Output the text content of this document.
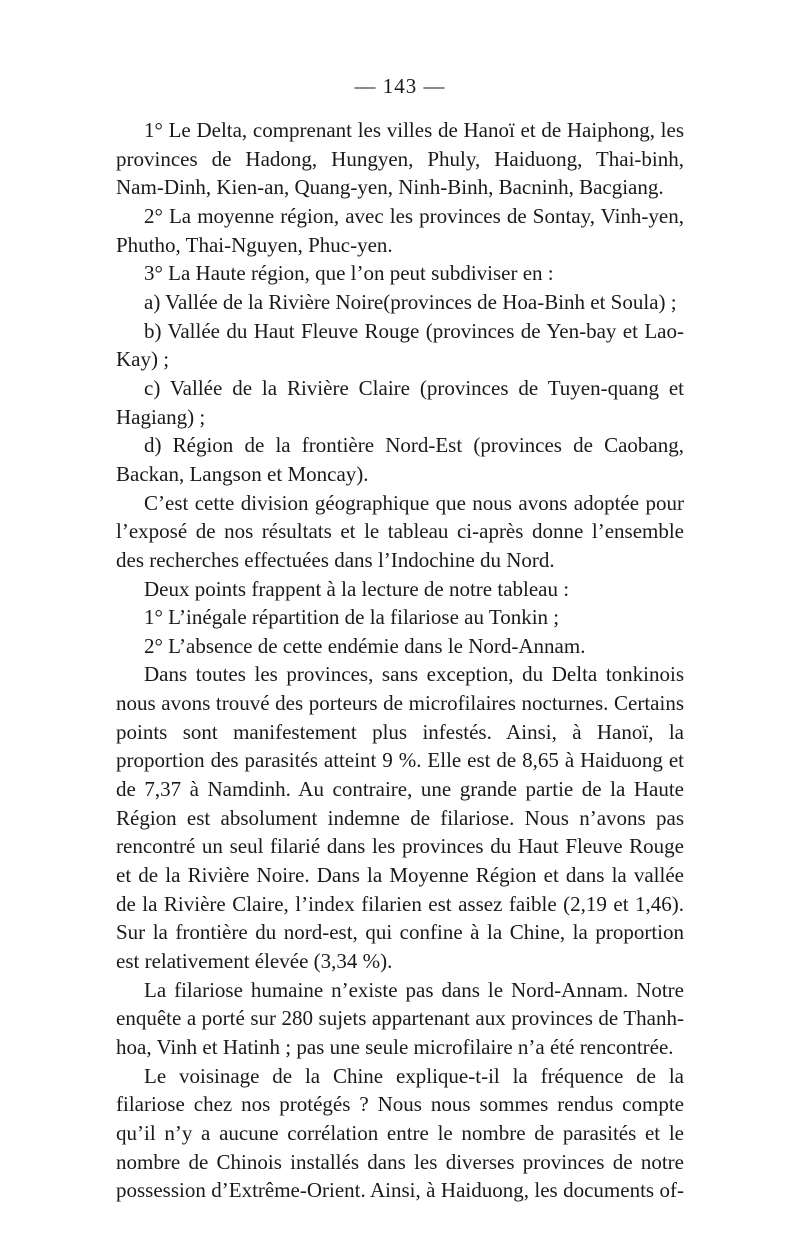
— 143 —

1° Le Delta, comprenant les villes de Hanoï et de Haiphong, les provinces de Hadong, Hungyen, Phuly, Haiduong, Thai-binh, Nam-Dinh, Kien-an, Quang-yen, Ninh-Binh, Bacninh, Bacgiang.

2° La moyenne région, avec les provinces de Sontay, Vinh-yen, Phutho, Thai-Nguyen, Phuc-yen.

3° La Haute région, que l’on peut subdiviser en :

a) Vallée de la Rivière Noire(provinces de Hoa-Binh et Soula) ;

b) Vallée du Haut Fleuve Rouge (provinces de Yen-bay et Lao-Kay) ;

c) Vallée de la Rivière Claire (provinces de Tuyen-quang et Hagiang) ;

d) Région de la frontière Nord-Est (provinces de Caobang, Backan, Langson et Moncay).

C’est cette division géographique que nous avons adoptée pour l’exposé de nos résultats et le tableau ci-après donne l’ensemble des recherches effectuées dans l’Indochine du Nord.

Deux points frappent à la lecture de notre tableau :

1° L’inégale répartition de la filariose au Tonkin ;

2° L’absence de cette endémie dans le Nord-Annam.

Dans toutes les provinces, sans exception, du Delta tonkinois nous avons trouvé des porteurs de microfilaires nocturnes. Certains points sont manifestement plus infestés. Ainsi, à Hanoï, la proportion des parasités atteint 9 %. Elle est de 8,65 à Haiduong et de 7,37 à Namdinh. Au contraire, une grande partie de la Haute Région est absolument indemne de filariose. Nous n’avons pas rencontré un seul filarié dans les provinces du Haut Fleuve Rouge et de la Rivière Noire. Dans la Moyenne Région et dans la vallée de la Rivière Claire, l’index filarien est assez faible (2,19 et 1,46). Sur la frontière du nord-est, qui confine à la Chine, la proportion est relativement élevée (3,34 %).

La filariose humaine n’existe pas dans le Nord-Annam. Notre enquête a porté sur 280 sujets appartenant aux provinces de Thanh-hoa, Vinh et Hatinh ; pas une seule microfilaire n’a été rencontrée.

Le voisinage de la Chine explique-t-il la fréquence de la filariose chez nos protégés ? Nous nous sommes rendus compte qu’il n’y a aucune corrélation entre le nombre de parasités et le nombre de Chinois installés dans les diverses provinces de notre possession d’Extrême-Orient. Ainsi, à Haiduong, les documents of-
